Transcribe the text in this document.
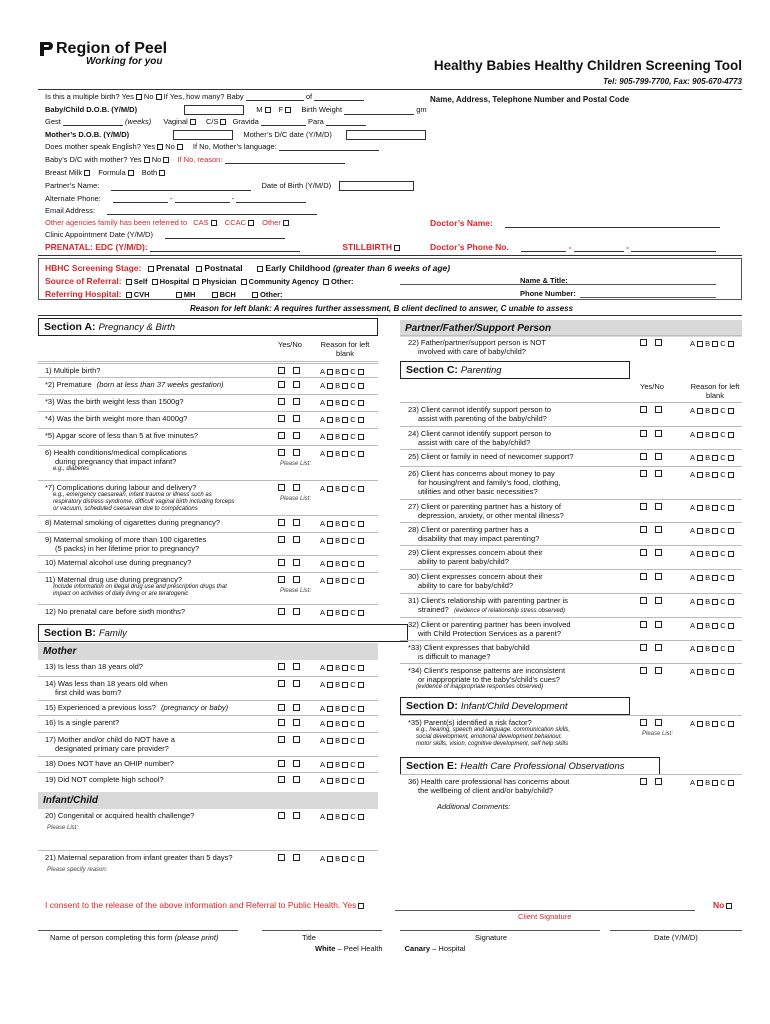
Region of Peel
Working for you	Healthy Babies Healthy Children Screening Tool
Tel: 905-799-7700, Fax: 905-670-4773
Name, Address, Telephone Number and Postal Code
Is this a multiple birth? Yes No If Yes, how many? Baby	of
Baby/Child D.O.B. (Y/M/D)	M F Birth Weight	gm
Gest	(weeks) Vaginal C/S Gravida	Para
Mother’s D.O.B. (Y/M/D)	Mother’s D/C date (Y/M/D)
Does mother speak English? Yes No If No, Mother’s language:
Baby’s D/C with mother? Yes No If No, reason:
Breast Milk Formula Both
Partner’s Name:	Date of Birth (Y/M/D)
Alternate Phone:	-	-
Email Address:
Other agencies family has been referred to CAS CCAC Other
Clinic Appointment Date (Y/M/D)
PRENATAL: EDC (Y/M/D):	STILLBIRTH
Doctor’s Name:
Doctor’s Phone No.	-	-
HBHC Screening Stage: Prenatal Postnatal	Early Childhood (greater than 6 weeks of age)
Source of Referral: Self Hospital Physician Community Agency Other:
Referring Hospital: CVH	MH	BCH	Other:
Name & Title:
Phone Number:
Reason for left blank: A requires further assessment, B client declined to answer, C unable to assess
Section A: Pregnancy & Birth
Yes/No	Reason for left blank
1) Multiple birth?	A B C
*2) Premature (born at less than 37 weeks gestation)	A B C
*3) Was the birth weight less than 1500g?	A B C
*4) Was the birth weight more than 4000g?	A B C
*5) Apgar score of less than 5 at five minutes?	A B C
6) Health conditions/medical complications
during pregnancy that impact infant?
e.g., diabetes
A B C
Please List:
*7) Complications during labour and delivery?
e.g., emergency caesarean, infant trauma or illness such as
respiratory distress syndrome, difficult vaginal birth including forceps
or vacuum, scheduled caesarean due to complications
A B C
Please List:
8) Maternal smoking of cigarettes during pregnancy?	A B C
9) Maternal smoking of more than 100 cigarettes
(5 packs) in her lifetime prior to pregnancy?
A B C
10) Maternal alcohol use during pregnancy?	A B C
11) Maternal drug use during pregnancy?
Include information on illegal drug use and prescription drugs that
impact on activities of daily living or are teratogenic
A B C
Please List:
12) No prenatal care before sixth months?	A B C
13) Is less than 18 years old?	A B C
14) Was less than 18 years old when
first child was born?
A B C
15) Experienced a previous loss? (pregnancy or baby)	A B C
16) Is a single parent?	A B C
17) Mother and/or child do NOT have a
designated primary care provider?
A B C
18) Does NOT have an OHIP number?	A B C
19) Did NOT complete high school?	A B C
20) Congenital or acquired health challenge?	A B C
Please List:
21) Maternal separation from infant greater than 5 days?	A B C
Please specify reason:
Section B: Family
Mother
Infant/Child
Partner/Father/Support Person
Section C: Parenting
Yes/No	Reason for left blank
Section D: Infant/Child Development
Section E: Health Care Professional Observations
22) Father/partner/support person is NOT
involved with care of baby/child?
A B C
23) Client cannot identify support person to
assist with parenting of the baby/child?
A B C
24) Client cannot identify support person to
assist with care of the baby/child?
A B C
25) Client or family in need of newcomer support?	A B C
26) Client has concerns about money to pay
for housing/rent and family’s food, clothing,
utilities and other basic necessities?
A B C
27) Client or parenting partner has a history of
depression, anxiety, or other mental illness?
A B C
28) Client or parenting partner has a
disability that may impact parenting?
A B C
29) Client expresses concern about their
ability to parent baby/child?
A B C
30) Client expresses concern about their
ability to care for baby/child?
A B C
31) Client’s relationship with parenting partner is
strained? (evidence of relationship stress observed)
A B C
32) Client or parenting partner has been involved
with Child Protection Services as a parent?
A B C
*33) Client expresses that baby/child
is difficult to manage?
A B C
*34) Client’s response patterns are inconsistent
or inappropriate to the baby’s/child’s cues?
(evidence of inappropriate responses observed)
A B C
*35) Parent(s) identified a risk factor?
e.g., hearing, speech and language, communication skills,
social development, emotional development behaviour,
motor skills, vision, cognitive development, self help skills
A B C
Please List:
36) Health care professional has concerns about
the wellbeing of client and/or baby/child?
A B C
Additional Comments:
I consent to the release of the above information and Referral to Public Health. Yes	No
Client Signature
Name of person completing this form (please print)	Title	Signature	Date (Y/M/D)
White – Peel Health	Canary – Hospital
